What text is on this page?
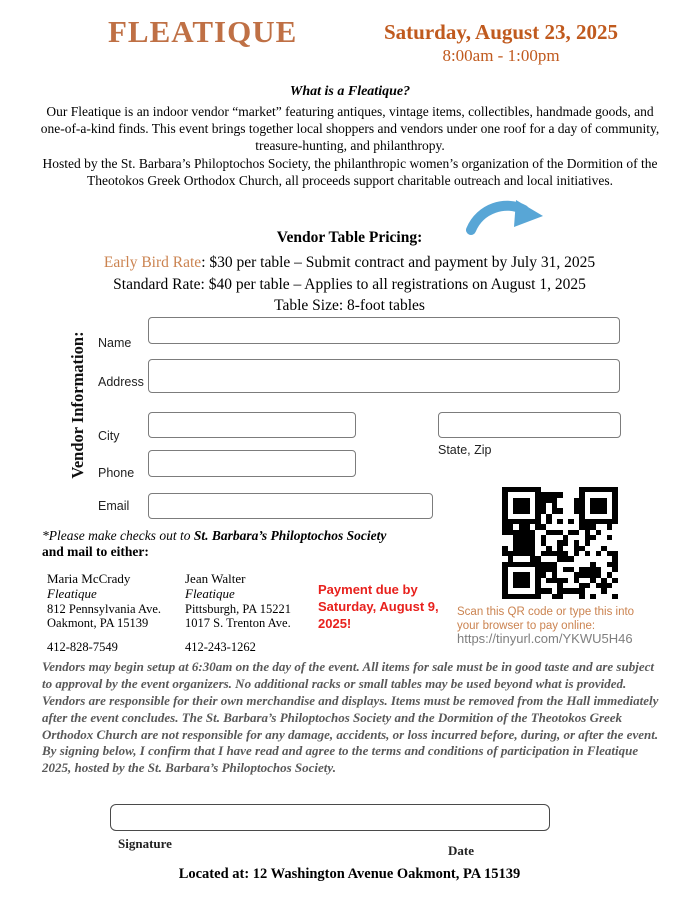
FLEATIQUE	Saturday, August 23, 2025
8:00am - 1:00pm
What is a Fleatique?
Our Fleatique is an indoor vendor “market” featuring antiques, vintage items, collectibles, handmade goods, and one-of-a-kind finds. This event brings together local shoppers and vendors under one roof for a day of community, treasure-hunting, and philanthropy.
Hosted by the St. Barbara’s Philoptochos Society, the philanthropic women’s organization of the Dormition of the Theotokos Greek Orthodox Church, all proceeds support charitable outreach and local initiatives.
Vendor Table Pricing:
Early Bird Rate: $30 per table – Submit contract and payment by July 31, 2025
Standard Rate: $40 per table – Applies to all registrations on August 1, 2025
Table Size: 8-foot tables
Vendor Information: Name
Address
City
State, Zip
Phone
Email
*Please make checks out to St. Barbara’s Philoptochos Society
and mail to either:
Maria McCrady
Fleatique
812 Pennsylvania Ave.
Oakmont, PA 15139
412-828-7549
Jean Walter
Fleatique
Pittsburgh, PA 15221
1017 S. Trenton Ave.
412-243-1262
Payment due by Saturday, August 9, 2025!
Scan this QR code or type this into your browser to pay online:
https://tinyurl.com/YKWU5H46
Vendors may begin setup at 6:30am on the day of the event. All items for sale must be in good taste and are subject to approval by the event organizers. No additional racks or small tables may be used beyond what is provided. Vendors are responsible for their own merchandise and displays. Items must be removed from the Hall immediately after the event concludes. The St. Barbara’s Philoptochos Society and the Dormition of the Theotokos Greek Orthodox Church are not responsible for any damage, accidents, or loss incurred before, during, or after the event.
By signing below, I confirm that I have read and agree to the terms and conditions of participation in Fleatique 2025, hosted by the St. Barbara’s Philoptochos Society.
Signature	Date
Located at: 12 Washington Avenue Oakmont, PA 15139
